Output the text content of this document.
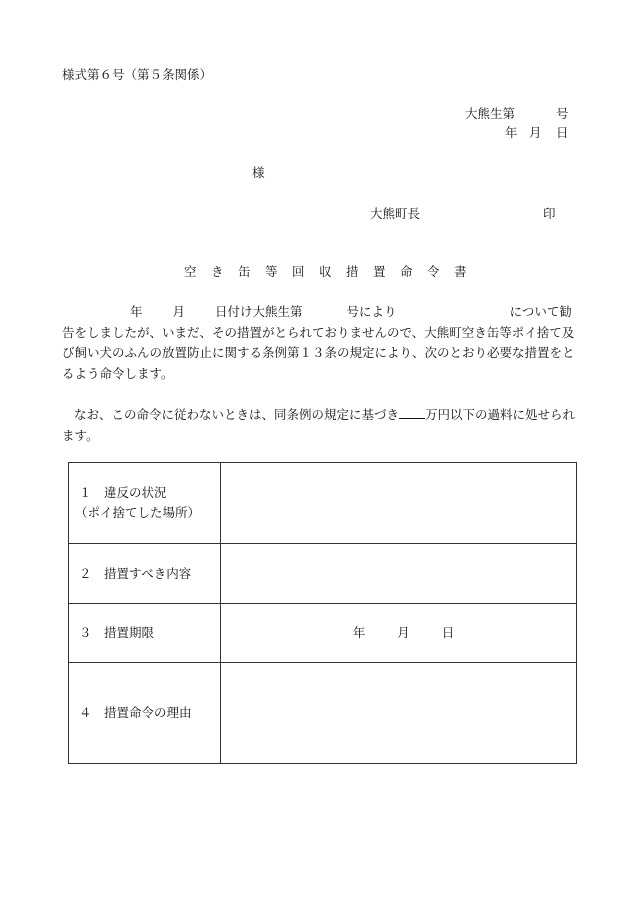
様式第６号（第５条関係）
大熊生第	号
年 月 日
様
大熊町長	印
空き缶等回収措置命令書

年 月 日付け大熊生第	号により	について勧告をしましたが、いまだ、その措置がとられておりませんので、大熊町空き缶等ポイ捨て及び飼い犬のふんの放置防止に関する条例第１３条の規定により、次のとおり必要な措置をとるよう命令します。

なお、この命令に従わないときは、同条例の規定に基づき 万円以下の過料に処せられます。

１　違反の状況
（ポイ捨てした場所）	

２　措置すべき内容	
３　措置期限	年 月 日
４　措置命令の理由	
